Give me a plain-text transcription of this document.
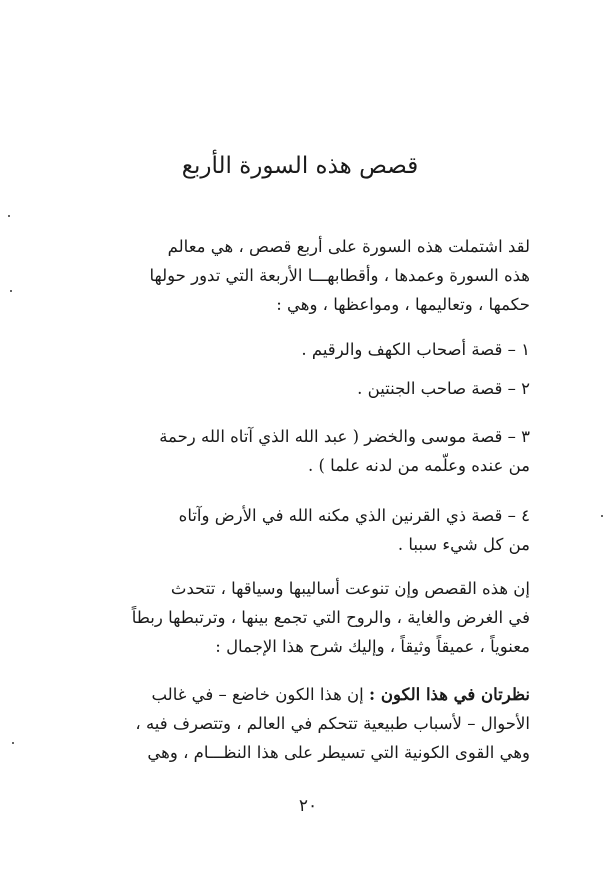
قصص هذه السورة الأربع

لقد اشتملت هذه السورة على أربع قصص ، هي معالم
هذه السورة وعمدها ، وأقطابهـــا الأربعة التي تدور حولها
حكمها ، وتعاليمها ، ومواعظها ، وهي :

١ – قصة أصحاب الكهف والرقيم .

٢ – قصة صاحب الجنتين .

٣ – قصة موسى والخضر ( عبد الله الذي آتاه الله رحمة
من عنده وعلّمه من لدنه علما ) .

٤ – قصة ذي القرنين الذي مكنه الله في الأرض وآتاه
من كل شيء سببا .

إن هذه القصص وإن تنوعت أساليبها وسياقها ، تتحدث
في الغرض والغاية ، والروح التي تجمع بينها ، وترتبطها ربطاً
معنوياً ، عميقاً وثيقاً ، وإليك شرح هذا الإجمال :

نظرتان في هذا الكون : إن هذا الكون خاضع – في غالب
الأحوال – لأسباب طبيعية تتحكم في العالم ، وتتصرف فيه ،
وهي القوى الكونية التي تسيطر على هذا النظـــام ، وهي

٢٠
